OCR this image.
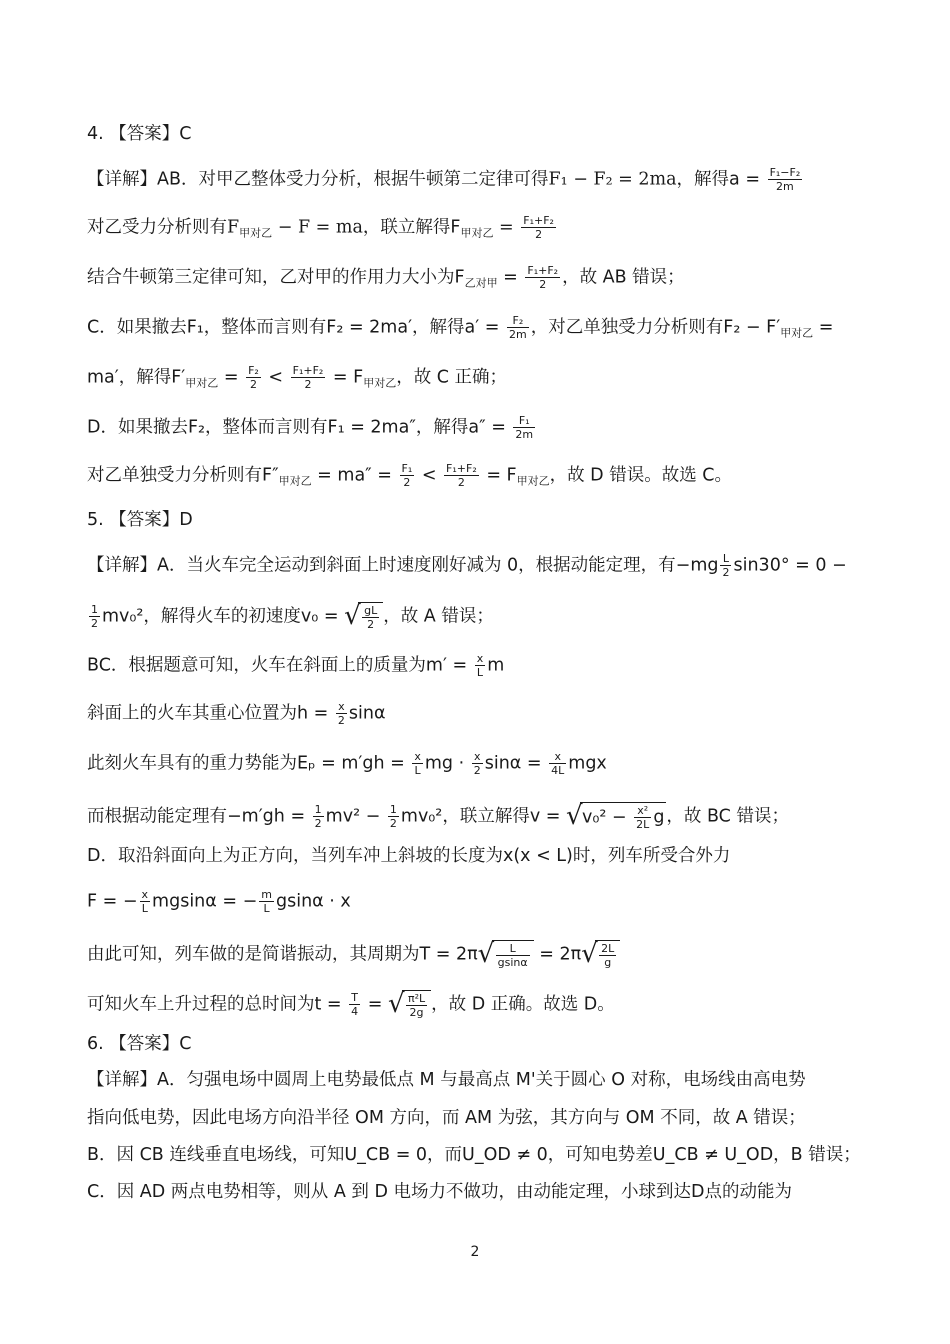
4. 【答案】C
【详解】AB．对甲乙整体受力分析，根据牛顿第二定律可得F₁ − F₂ = 2ma，解得$a = \frac{\text{F₁−F₂}}{2m}$
对乙受力分析则有$F_{甲对乙} - F$ = ma，联立解得$F_{甲对乙} = \frac{\text{F₁+F₂}}{2}$
结合牛顿第三定律可知，乙对甲的作用力大小为$F_{乙对甲} = \frac{\text{F₁+F₂}}{2}$ ，故 AB 错误；
C．如果撤去F₁，整体而言则有F₂ = 2ma′，解得$a' = \frac{\text{F₂}}{2m}$ ，对乙单独受力分析则有$F_2 - F'_{甲对乙}$ =
ma′，解得$F'_{甲对乙} = \frac{\text{F₂}}{2} < \frac{\text{F₁+F₂}}{2} = F_{甲对乙}$，故 C 正确；
D．如果撤去F₂，整体而言则有F₁ = 2ma″，解得$a'' = \frac{\text{F₁}}{2m}$
对乙单独受力分析则有$F''_{甲对乙} = ma'' = \frac{\text{F₁}}{2} < \frac{\text{F₁+F₂}}{2} = F_{甲对乙}$，故 D 错误。故选 C。
5. 【答案】D
【详解】A．当火车完全运动到斜面上时速度刚好减为 0，根据动能定理，有$-mg \frac{L}{2} \sin 30^\circ = 0$ −
$\frac{1}{2} mv_0^2$，解得火车的初速度v₀ = √ $\frac{gL}{2}$ ，故 A 错误；
BC．根据题意可知，火车在斜面上的质量为$m' = \frac{x}{L}$ m
斜面上的火车其重心位置为$h = \frac{x}{2}$ sinα
此刻火车具有的重力势能为$E_p = m'gh = \frac{x}{L}$ mg · $\frac{x}{2}$ $\sin\alpha = \frac{x}{4L}$ mgx
而根据动能定理有$-m'gh = \frac{1}{2} mv^2 - \frac{1}{2} mv_0^2$，联立解得v = √ $v_0^2 - \frac{\text{x²}}{2L}$ g ，故 BC 错误；
D．取沿斜面向上为正方向，当列车冲上斜坡的长度为x(x < L)时，列车所受合外力
F = − $\frac{x}{L}$ mgsinα = − $\frac{m}{L}$ gsinα · x
由此可知，列车做的是简谐振动，其周期为T = 2π √ $\frac{L}{gsin\alpha} = 2\pi$ √ $\frac{2L}{g}$
可知火车上升过程的总时间为$t = \frac{T}{4}$ = √ $\frac{\text{π²L}}{2g}$ ，故 D 正确。故选 D。
6. 【答案】C
【详解】A．匀强电场中圆周上电势最低点 M 与最高点 M'关于圆心 O 对称，电场线由高电势
指向低电势，因此电场方向沿半径 OM 方向，而 AM 为弦，其方向与 OM 不同，故 A 错误；
B．因 CB 连线垂直电场线，可知U_CB = 0，而U_OD ≠ 0，可知电势差U_CB ≠ U_OD，B 错误；
C．因 AD 两点电势相等，则从 A 到 D 电场力不做功，由动能定理，小球到达D点的动能为
2
